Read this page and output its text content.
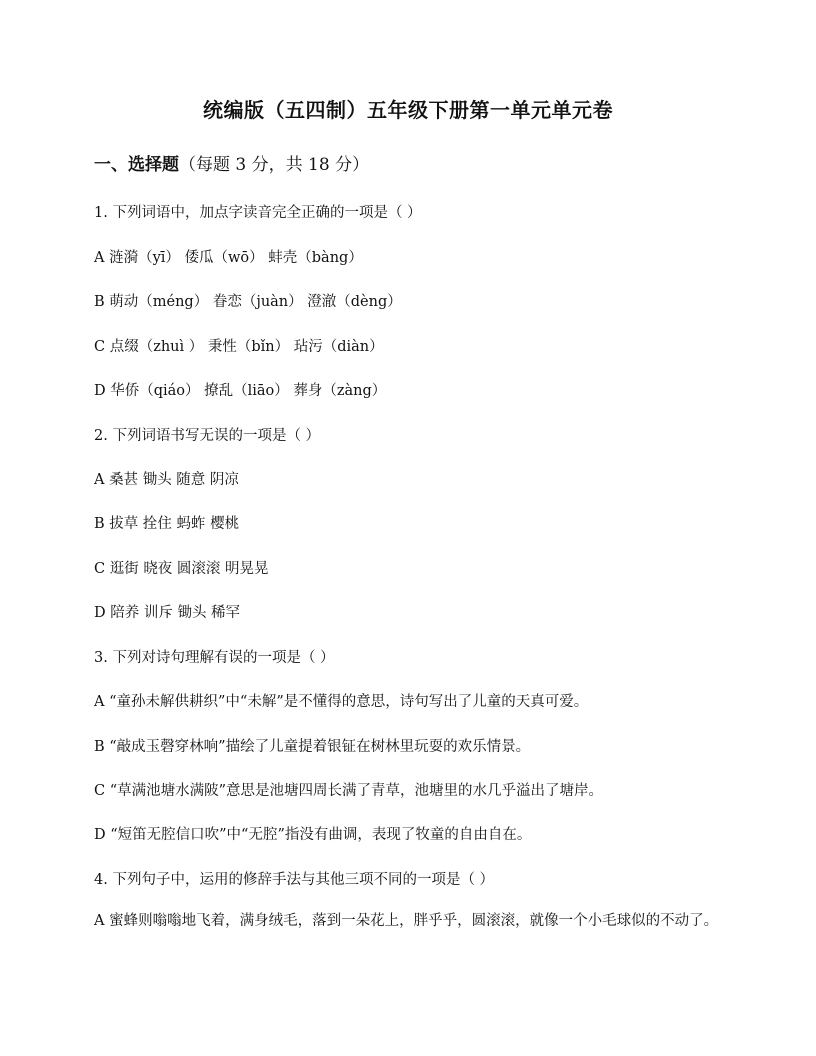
统编版（五四制）五年级下册第一单元单元卷
一、选择题（每题 3 分，共 18 分）
1. 下列词语中，加点字读音完全正确的一项是（ ）
A 涟漪（yī） 倭瓜（wō） 蚌壳（bàng）
B 萌动（méng） 眷恋（juàn） 澄澈（dèng）
C 点缀（zhuì ） 秉性（bǐn） 玷污（diàn）
D 华侨（qiáo） 撩乱（liāo） 葬身（zàng）
2. 下列词语书写无误的一项是（ ）
A 桑甚 锄头 随意 阴凉
B 拔草 拴住 蚂蚱 樱桃
C 逛街 晓夜 圆滚滚 明晃晃
D 陪养 训斥 锄头 稀罕
3. 下列对诗句理解有误的一项是（ ）
A “童孙未解供耕织”中“未解”是不懂得的意思，诗句写出了儿童的天真可爱。
B “敲成玉磬穿林响”描绘了儿童提着银钲在树林里玩耍的欢乐情景。
C “草满池塘水满陂”意思是池塘四周长满了青草，池塘里的水几乎溢出了塘岸。
D “短笛无腔信口吹”中“无腔”指没有曲调，表现了牧童的自由自在。
4. 下列句子中，运用的修辞手法与其他三项不同的一项是（ ）
A 蜜蜂则嗡嗡地飞着，满身绒毛，落到一朵花上，胖乎乎，圆滚滚，就像一个小毛球似的不动了。
